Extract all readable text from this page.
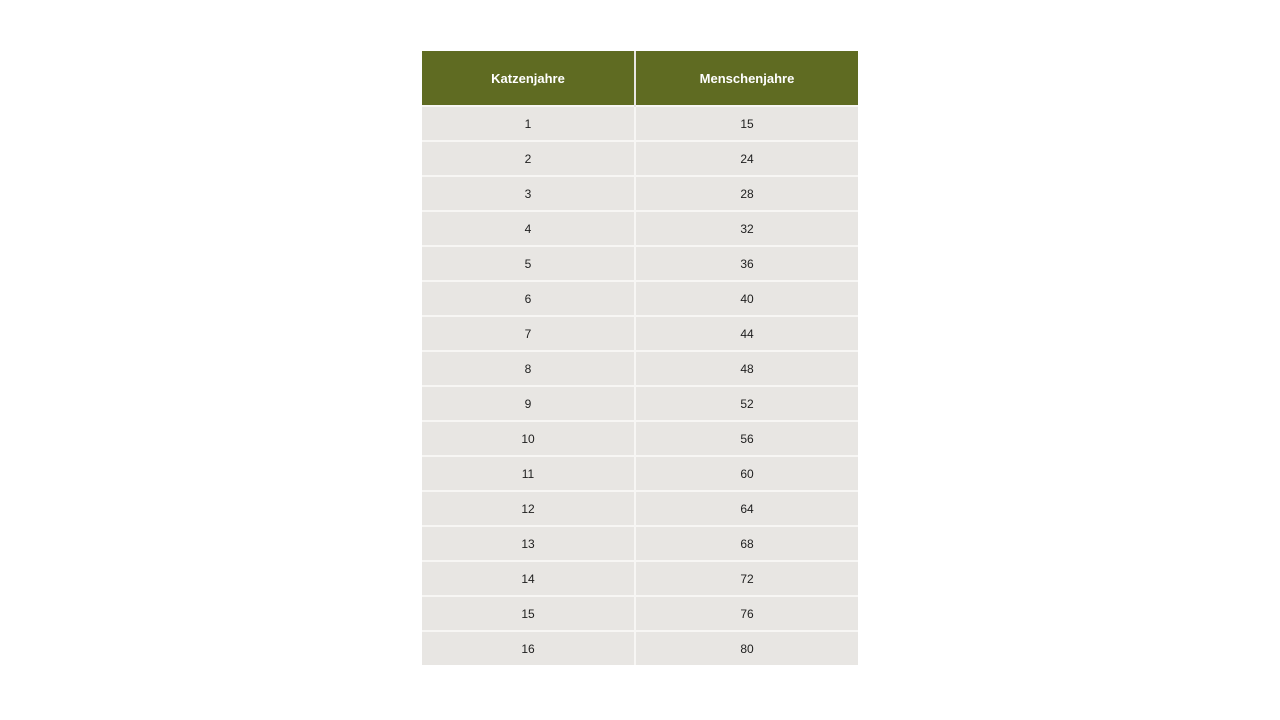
Katzenjahre	Menschenjahre
1	15
2	24
3	28
4	32
5	36
6	40
7	44
8	48
9	52
10	56
11	60
12	64
13	68
14	72
15	76
16	80
